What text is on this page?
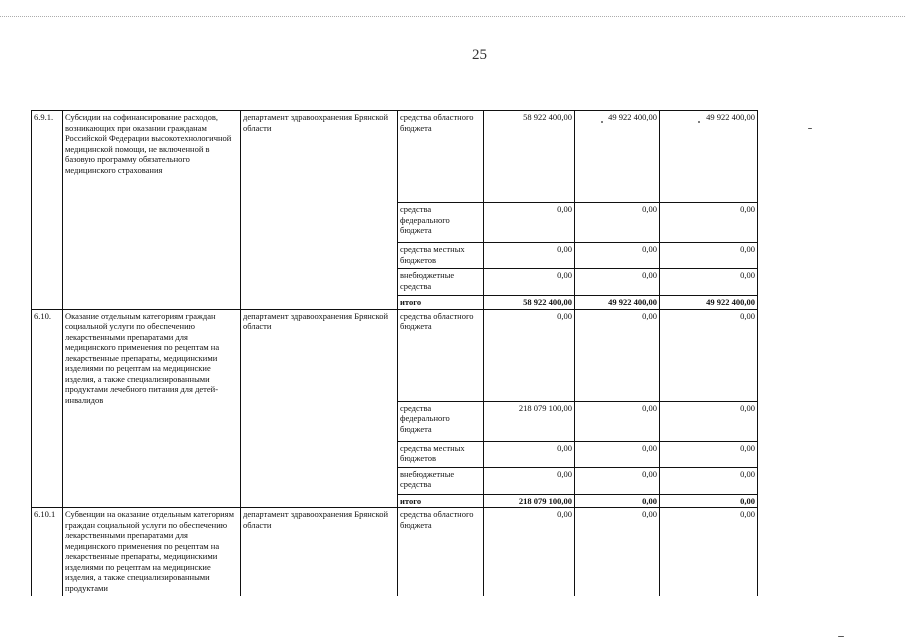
25
6.9.1.	Субсидии на софинансирование расходов, возникающих при оказании гражданам Российской Федерации высокотехнологичной медицинской помощи, не включенной в базовую программу обязательного медицинского страхования	департамент здравоохранения Брянской области	средства областного бюджета	58 922 400,00	49 922 400,00	49 922 400,00	
			средства федерального бюджета	0,00	0,00	0,00	
			средства местных бюджетов	0,00	0,00	0,00	
			внебюджетные средства	0,00	0,00	0,00	
			итого	58 922 400,00	49 922 400,00	49 922 400,00	
6.10.	Оказание отдельным категориям граждан социальной услуги по обеспечению лекарственными препаратами для медицинского применения по рецептам на лекарственные препараты, медицинскими изделиями по рецептам на медицинские изделия, а также специализированными продуктами лечебного питания для детей-инвалидов	департамент здравоохранения Брянской области	средства областного бюджета	0,00	0,00	0,00	
			средства федерального бюджета	218 079 100,00	0,00	0,00	
			средства местных бюджетов	0,00	0,00	0,00	
			внебюджетные средства	0,00	0,00	0,00	
			итого	218 079 100,00	0,00	0,00	
6.10.1	Субвенции на оказание отдельным категориям граждан социальной услуги по обеспечению лекарственными препаратами для медицинского применения по рецептам на лекарственные препараты, медицинскими изделиями по рецептам на медицинские изделия, а также специализированными продуктами	департамент здравоохранения Брянской области	средства областного бюджета	0,00	0,00	0,00	
